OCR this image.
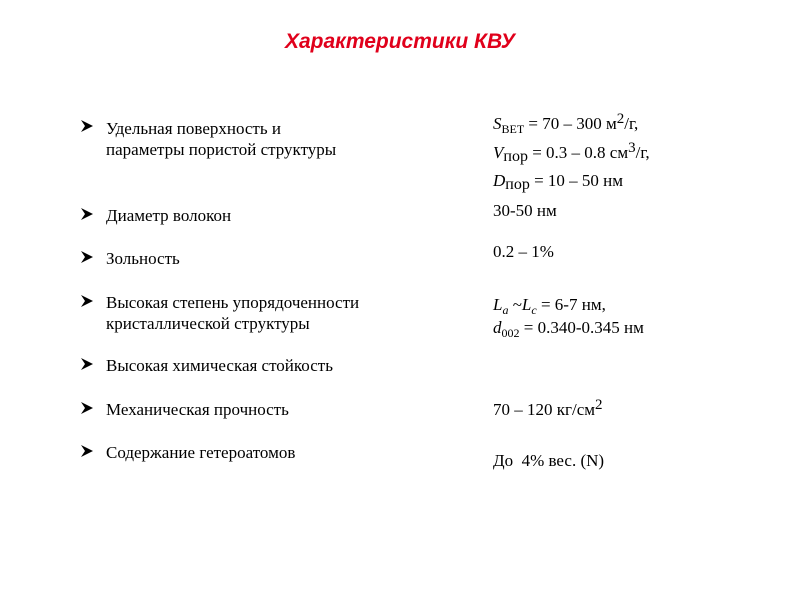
Характеристики КВУ
Удельная поверхность и
параметры пористой структуры
Диаметр волокон
Зольность
Высокая степень упорядоченности
кристаллической структуры
Высокая химическая стойкость
Механическая прочность
Содержание гетероатомов
$S_{BET} = 70 - 300$ $м^2/г$,
$V_{пор} = 0.3 - 0.8$ $см^3/г$,
$D_{пор} = 10 - 50$ нм
30-50 нм
0.2 – 1%
$L_a$ $\sim L_c = 6-7$ нм,
$d_{002} = 0.340-0.345$ нм
70 – 120 $кг/см^2$
До  4% вес. (N)
